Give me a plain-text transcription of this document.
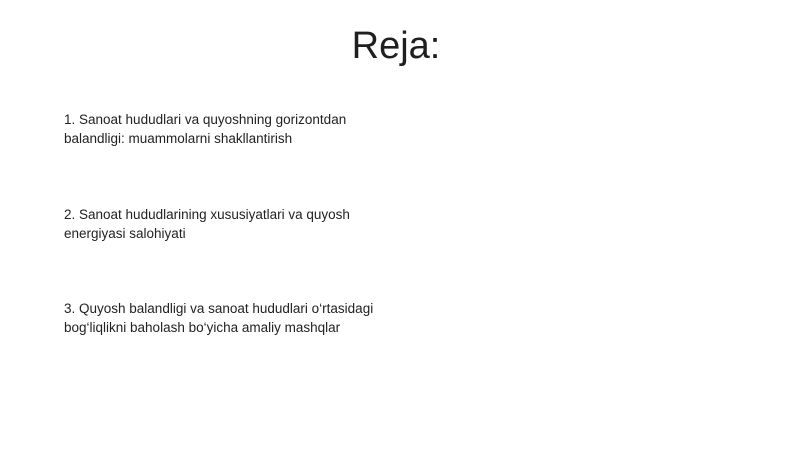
Reja:

1. Sanoat hududlari va quyoshning gorizontdan balandligi: muammolarni shakllantirish

2. Sanoat hududlarining xususiyatlari va quyosh energiyasi salohiyati

3. Quyosh balandligi va sanoat hududlari o‘rtasidagi bog‘liqlikni baholash bo‘yicha amaliy mashqlar
